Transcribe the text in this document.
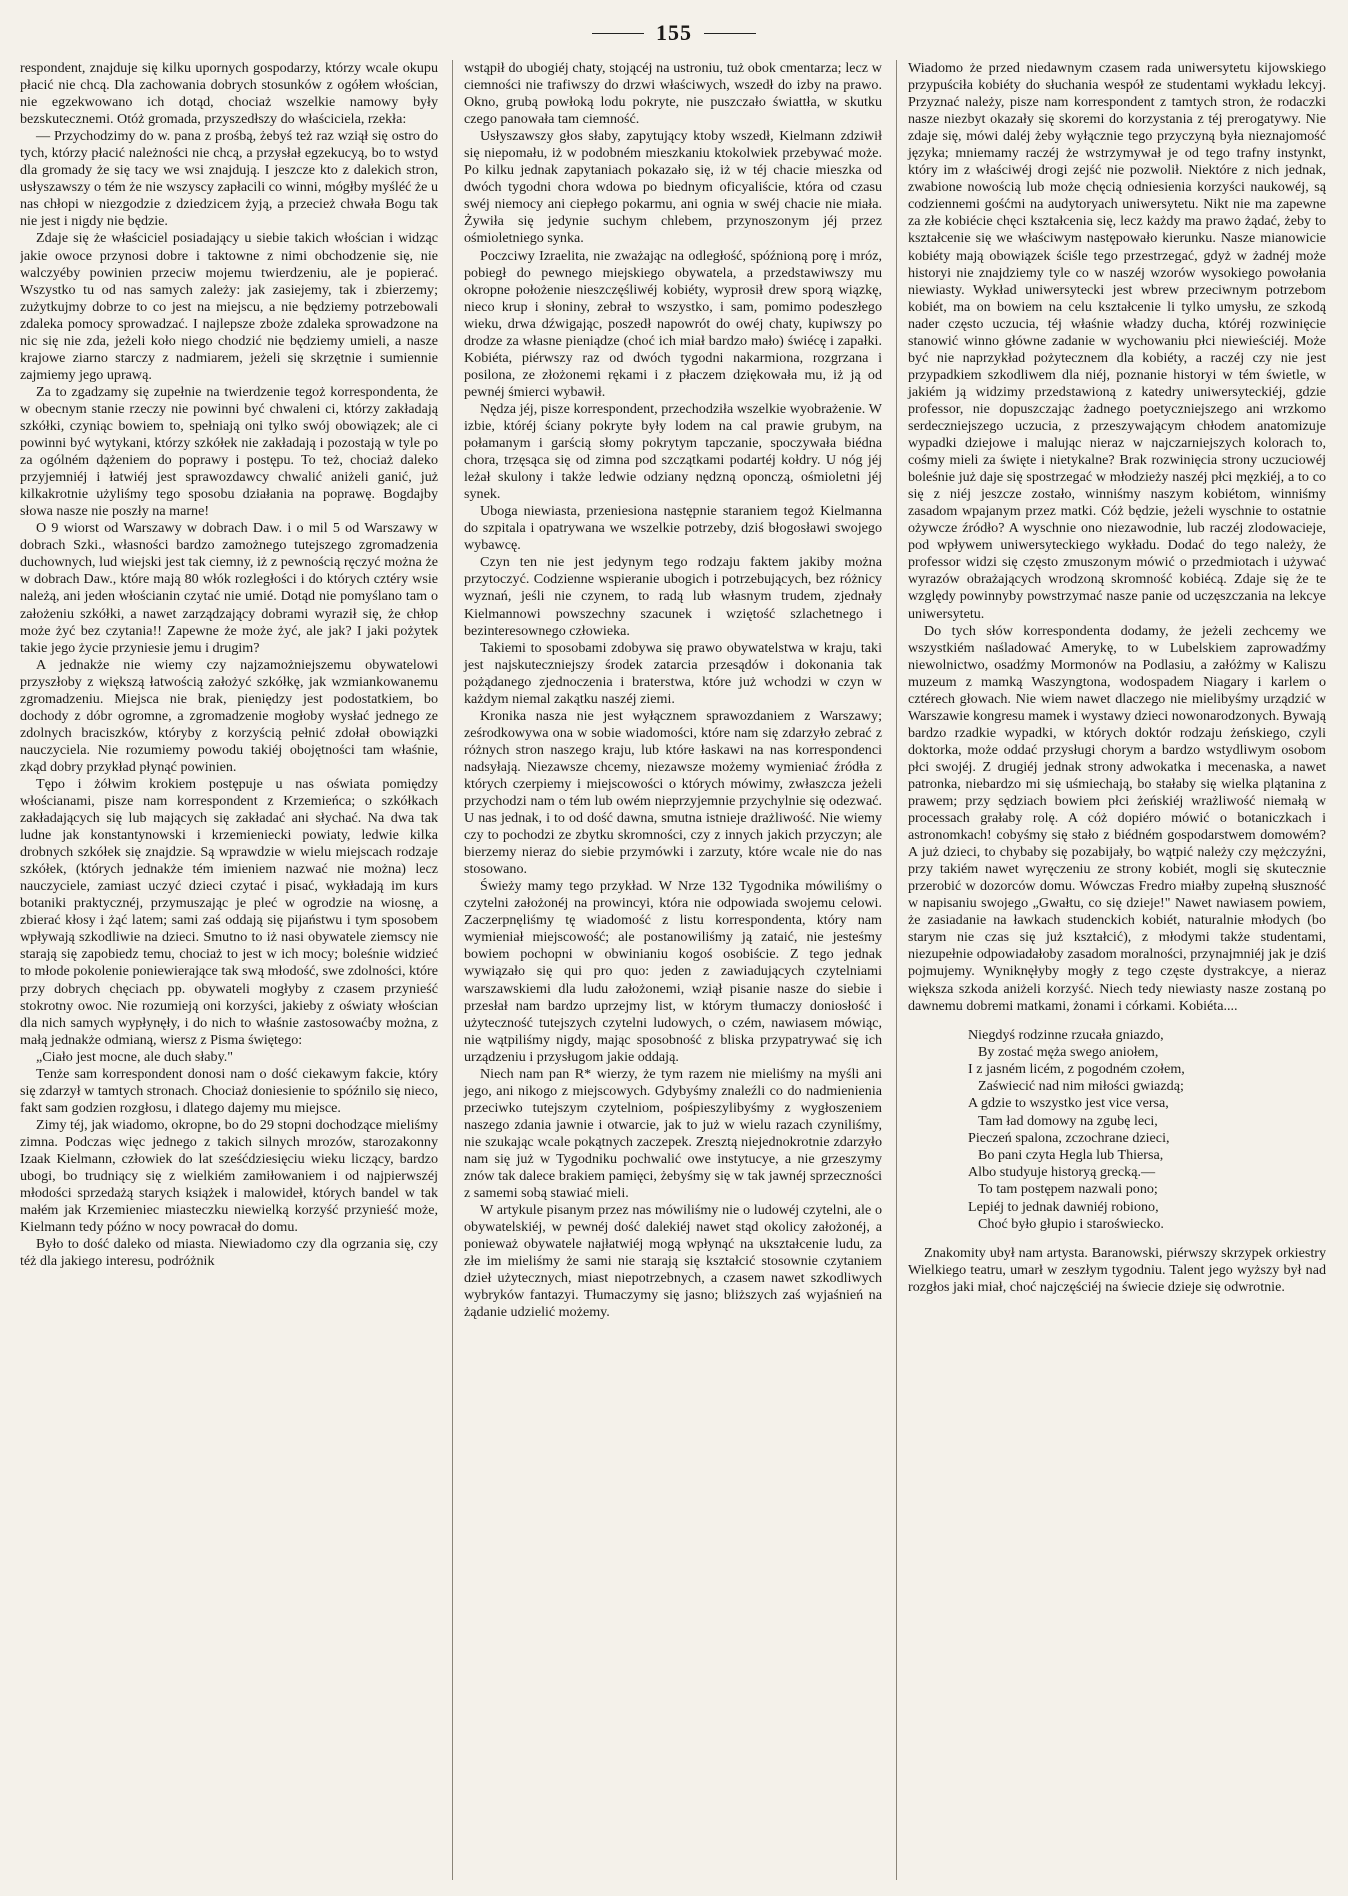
155

respondent, znajduje się kilku upornych gospodarzy, którzy wcale okupu płacić nie chcą. Dla zachowania dobrych stosunków z ogółem włościan, nie egzekwowano ich dotąd, chociaż wszelkie namowy były bezskutecznemi. Otóż gromada, przyszedłszy do właściciela, rzekła:

— Przychodzimy do w. pana z prośbą, żebyś też raz wziął się ostro do tych, którzy płacić należności nie chcą, a przysłał egzekucyą, bo to wstyd dla gromady że się tacy we wsi znajdują. I jeszcze kto z dalekich stron, usłyszawszy o tém że nie wszyscy zapłacili co winni, mógłby myśléć że u nas chłopi w niezgodzie z dziedzicem żyją, a przecież chwała Bogu tak nie jest i nigdy nie będzie.

Zdaje się że właściciel posiadający u siebie takich włościan i widząc jakie owoce przynosi dobre i taktowne z nimi obchodzenie się, nie walczyéby powinien przeciw mojemu twierdzeniu, ale je popierać. Wszystko tu od nas samych zależy: jak zasiejemy, tak i zbierzemy; zużytkujmy dobrze to co jest na miejscu, a nie będziemy potrzebowali zdaleka pomocy sprowadzać. I najlepsze zboże zdaleka sprowadzone na nic się nie zda, jeżeli koło niego chodzić nie będziemy umieli, a nasze krajowe ziarno starczy z nadmiarem, jeżeli się skrzętnie i sumiennie zajmiemy jego uprawą.

Za to zgadzamy się zupełnie na twierdzenie tegoż korrespondenta, że w obecnym stanie rzeczy nie powinni być chwaleni ci, którzy zakładają szkółki, czyniąc bowiem to, spełniają oni tylko swój obowiązek; ale ci powinni być wytykani, którzy szkółek nie zakładają i pozostają w tyle po za ogólném dążeniem do poprawy i postępu. To też, chociaż daleko przyjemniéj i łatwiéj jest sprawozdawcy chwalić aniżeli ganić, już kilkakrotnie użyliśmy tego sposobu działania na poprawę. Bogdajby słowa nasze nie poszły na marne!

O 9 wiorst od Warszawy w dobrach Daw. i o mil 5 od Warszawy w dobrach Szki., własności bardzo zamożnego tutejszego zgromadzenia duchownych, lud wiejski jest tak ciemny, iż z pewnością ręczyć można że w dobrach Daw., które mają 80 włók rozległości i do których cztéry wsie należą, ani jeden włościanin czytać nie umié. Dotąd nie pomyślano tam o założeniu szkółki, a nawet zarządzający dobrami wyraził się, że chłop może żyć bez czytania!! Zapewne że może żyć, ale jak? I jaki pożytek takie jego życie przyniesie jemu i drugim?

A jednakże nie wiemy czy najzamożniejszemu obywatelowi przyszłoby z większą łatwością założyć szkółkę, jak wzmiankowanemu zgromadzeniu. Miejsca nie brak, pieniędzy jest podostatkiem, bo dochody z dóbr ogromne, a zgromadzenie mogłoby wysłać jednego ze zdolnych braciszków, któryby z korzyścią pełnić zdołał obowiązki nauczyciela. Nie rozumiemy powodu takiéj obojętności tam właśnie, zkąd dobry przykład płynąć powinien.

Tępo i żółwim krokiem postępuje u nas oświata pomiędzy włościanami, pisze nam korrespondent z Krzemieńca; o szkółkach zakładających się lub mających się zakładać ani słychać. Na dwa tak ludne jak konstantynowski i krzemieniecki powiaty, ledwie kilka drobnych szkółek się znajdzie. Są wprawdzie w wielu miejscach rodzaje szkółek, (których jednakże tém imieniem nazwać nie można) lecz nauczyciele, zamiast uczyć dzieci czytać i pisać, wykładają im kurs botaniki praktycznéj, przymuszając je pleć w ogrodzie na wiosnę, a zbierać kłosy i żąć latem; sami zaś oddają się pijaństwu i tym sposobem wpływają szkodliwie na dzieci. Smutno to iż nasi obywatele ziemscy nie starają się zapobiedz temu, chociaż to jest w ich mocy; boleśnie widzieć to młode pokolenie poniewierające tak swą młodość, swe zdolności, które przy dobrych chęciach pp. obywateli mogłyby z czasem przynieść stokrotny owoc. Nie rozumieją oni korzyści, jakieby z oświaty włościan dla nich samych wypłynęły, i do nich to właśnie zastosowaćby można, z małą jednakże odmianą, wiersz z Pisma świętego:

„Ciało jest mocne, ale duch słaby."

Tenże sam korrespondent donosi nam o dość ciekawym fakcie, który się zdarzył w tamtych stronach. Chociaż doniesienie to spóźnilo się nieco, fakt sam godzien rozgłosu, i dlatego dajemy mu miejsce.

Zimy téj, jak wiadomo, okropne, bo do 29 stopni dochodzące mieliśmy zimna. Podczas więc jednego z takich silnych mrozów, starozakonny Izaak Kielmann, człowiek do lat sześćdziesięciu wieku liczący, bardzo ubogi, bo trudniący się z wielkiém zamiłowaniem i od najpierwszéj młodości sprzedażą starych książek i malowideł, których bandel w tak małém jak Krzemieniec miasteczku niewielką korzyść przynieść może, Kielmann tedy późno w nocy powracał do domu.

Było to dość daleko od miasta. Niewiadomo czy dla ogrzania się, czy téż dla jakiego interesu, podróżnik

wstąpił do ubogiéj chaty, stojącéj na ustroniu, tuż obok cmentarza; lecz w ciemności nie trafiwszy do drzwi właściwych, wszedł do izby na prawo. Okno, grubą powłoką lodu pokryte, nie puszczało świattła, w skutku czego panowała tam ciemność.

Usłyszawszy głos słaby, zapytujący ktoby wszedł, Kielmann zdziwił się niepomału, iż w podobném mieszkaniu ktokolwiek przebywać może. Po kilku jednak zapytaniach pokazało się, iż w téj chacie mieszka od dwóch tygodni chora wdowa po biednym oficyaliście, która od czasu swéj niemocy ani ciepłego pokarmu, ani ognia w swéj chacie nie miała. Żywiła się jedynie suchym chlebem, przynoszonym jéj przez ośmioletniego synka.

Poczciwy Izraelita, nie zważając na odległość, spóźnioną porę i mróz, pobiegł do pewnego miejskiego obywatela, a przedstawiwszy mu okropne położenie nieszczęśliwéj kobiéty, wyprosił drew sporą wiązkę, nieco krup i słoniny, zebrał to wszystko, i sam, pomimo podeszłego wieku, drwa dźwigając, poszedł napowrót do owéj chaty, kupiwszy po drodze za własne pieniądze (choć ich miał bardzo mało) świécę i zapałki. Kobiéta, piérwszy raz od dwóch tygodni nakarmiona, rozgrzana i posilona, ze złożonemi rękami i z płaczem dziękowała mu, iż ją od pewnéj śmierci wybawił.

Nędza jéj, pisze korrespondent, przechodziła wszelkie wyobrażenie. W izbie, któréj ściany pokryte były lodem na cal prawie grubym, na połamanym i garścią słomy pokrytym tapczanie, spoczywała biédna chora, trzęsąca się od zimna pod szczątkami podartéj kołdry. U nóg jéj leżał skulony i także ledwie odziany nędzną oponczą, ośmioletni jéj synek.

Uboga niewiasta, przeniesiona następnie staraniem tegoż Kielmanna do szpitala i opatrywana we wszelkie potrzeby, dziś błogosławi swojego wybawcę.

Czyn ten nie jest jedynym tego rodzaju faktem jakiby można przytoczyć. Codzienne wspieranie ubogich i potrzebujących, bez różnicy wyznań, jeśli nie czynem, to radą lub własnym trudem, zjednały Kielmannowi powszechny szacunek i wziętość szlachetnego i bezinteresownego człowieka.

Takiemi to sposobami zdobywa się prawo obywatelstwa w kraju, taki jest najskuteczniejszy środek zatarcia przesądów i dokonania tak pożądanego zjednoczenia i braterstwa, które już wchodzi w czyn w każdym niemal zakątku naszéj ziemi.

Kronika nasza nie jest wyłącznem sprawozdaniem z Warszawy; ześrodkowywa ona w sobie wiadomości, które nam się zdarzyło zebrać z różnych stron naszego kraju, lub które łaskawi na nas korrespondenci nadsyłają. Niezawsze chcemy, niezawsze możemy wymieniać źródła z których czerpiemy i miejscowości o których mówimy, zwłaszcza jeżeli przychodzi nam o tém lub owém nieprzyjemnie przychylnie się odezwać. U nas jednak, i to od dość dawna, smutna istnieje drażliwość. Nie wiemy czy to pochodzi ze zbytku skromności, czy z innych jakich przyczyn; ale bierzemy nieraz do siebie przymówki i zarzuty, które wcale nie do nas stosowano.

Świeży mamy tego przykład. W Nrze 132 Tygodnika mówiliśmy o czytelni założonéj na prowincyi, która nie odpowiada swojemu celowi. Zaczerpnęliśmy tę wiadomość z listu korrespondenta, który nam wymieniał miejscowość; ale postanowiliśmy ją zataić, nie jesteśmy bowiem pochopni w obwinianiu kogoś osobiście. Z tego jednak wywiązało się qui pro quo: jeden z zawiadujących czytelniami warszawskiemi dla ludu założonemi, wziął pisanie nasze do siebie i przesłał nam bardzo uprzejmy list, w którym tłumaczy doniosłość i użyteczność tutejszych czytelni ludowych, o czém, nawiasem mówiąc, nie wątpiliśmy nigdy, mając sposobność z bliska przypatrywać się ich urządzeniu i przysługom jakie oddają.

Niech nam pan R* wierzy, że tym razem nie mieliśmy na myśli ani jego, ani nikogo z miejscowych. Gdybyśmy znaleźli co do nadmienienia przeciwko tutejszym czytelniom, pośpieszylibyśmy z wygłoszeniem naszego zdania jawnie i otwarcie, jak to już w wielu razach czyniliśmy, nie szukając wcale pokątnych zaczepek. Zresztą niejednokrotnie zdarzyło nam się już w Tygodniku pochwalić owe instytucye, a nie grzeszymy znów tak dalece brakiem pamięci, żebyśmy się w tak jawnéj sprzeczności z samemi sobą stawiać mieli.

W artykule pisanym przez nas mówiliśmy nie o ludowéj czytelni, ale o obywatelskiéj, w pewnéj dość dalekiéj nawet stąd okolicy założonéj, a ponieważ obywatele najłatwiéj mogą wpłynąć na ukształcenie ludu, za złe im mieliśmy że sami nie starają się kształcić stosownie czytaniem dzieł użytecznych, miast niepotrzebnych, a czasem nawet szkodliwych wybryków fantazyi. Tłumaczymy się jasno; bliższych zaś wyjaśnień na żądanie udzielić możemy.

Wiadomo że przed niedawnym czasem rada uniwersytetu kijowskiego przypuściła kobiéty do słuchania wespół ze studentami wykładu lekcyj. Przyznać należy, pisze nam korrespondent z tamtych stron, że rodaczki nasze niezbyt okazały się skoremi do korzystania z téj prerogatywy. Nie zdaje się, mówi daléj żeby wyłącznie tego przyczyną była nieznajomość języka; mniemamy raczéj że wstrzymywał je od tego trafny instynkt, który im z właściwéj drogi zejść nie pozwolił. Niektóre z nich jednak, zwabione nowością lub może chęcią odniesienia korzyści naukowéj, są codziennemi gośćmi na audytoryach uniwersytetu. Nikt nie ma zapewne za złe kobiécie chęci kształcenia się, lecz każdy ma prawo żądać, żeby to kształcenie się we właściwym następowało kierunku. Nasze mianowicie kobiéty mają obowiązek ściśle tego przestrzegać, gdyż w żadnéj może historyi nie znajdziemy tyle co w naszéj wzorów wysokiego powołania niewiasty. Wykład uniwersytecki jest wbrew przeciwnym potrzebom kobiét, ma on bowiem na celu kształcenie li tylko umysłu, ze szkodą nader często uczucia, téj właśnie władzy ducha, któréj rozwinięcie stanowić winno główne zadanie w wychowaniu płci niewieściéj. Może być nie naprzykład pożytecznem dla kobiéty, a raczéj czy nie jest przypadkiem szkodliwem dla niéj, poznanie historyi w tém świetle, w jakiém ją widzimy przedstawioną z katedry uniwersyteckiéj, gdzie professor, nie dopuszczając żadnego poetyczniejszego ani wrzkomo serdeczniejszego uczucia, z przeszywającym chłodem anatomizuje wypadki dziejowe i malując nieraz w najczarniejszych kolorach to, cośmy mieli za święte i nietykalne? Brak rozwinięcia strony uczuciowéj boleśnie już daje się spostrzegać w młodzieży naszéj płci męzkiéj, a to co się z niéj jeszcze zostało, winniśmy naszym kobiétom, winniśmy zasadom wpajanym przez matki. Cóż będzie, jeżeli wyschnie to ostatnie ożywcze źródło? A wyschnie ono niezawodnie, lub raczéj zlodowacieje, pod wpływem uniwersyteckiego wykładu. Dodać do tego należy, że professor widzi się często zmuszonym mówić o przedmiotach i używać wyrazów obrażających wrodzoną skromność kobiécą. Zdaje się że te względy powinnyby powstrzymać nasze panie od uczęszczania na lekcye uniwersytetu.

Do tych słów korrespondenta dodamy, że jeżeli zechcemy we wszystkiém naśladować Amerykę, to w Lubelskiem zaprowadźmy niewolnictwo, osadźmy Mormonów na Podlasiu, a załóżmy w Kaliszu muzeum z mamką Waszyngtona, wodospadem Niagary i karlem o cztérech głowach. Nie wiem nawet dlaczego nie mielibyśmy urządzić w Warszawie kongresu mamek i wystawy dzieci nowonarodzonych. Bywają bardzo rzadkie wypadki, w których doktór rodzaju żeńskiego, czyli doktorka, może oddać przysługi chorym a bardzo wstydliwym osobom płci swojéj. Z drugiéj jednak strony adwokatka i mecenaska, a nawet patronka, niebardzo mi się uśmiechają, bo stałaby się wielka plątanina z prawem; przy sędziach bowiem płci żeńskiéj wrażliwość niemałą w processach grałaby rolę. A cóż dopiéro mówić o botaniczkach i astronomkach! cobyśmy się stało z biédném gospodarstwem domowém? A już dzieci, to chybaby się pozabijały, bo wątpić należy czy mężczyźni, przy takiém nawet wyręczeniu ze strony kobiét, mogli się skutecznie przerobić w dozorców domu. Wówczas Fredro miałby zupełną słuszność w napisaniu swojego „Gwałtu, co się dzieje!" Nawet nawiasem powiem, że zasiadanie na ławkach studenckich kobiét, naturalnie młodych (bo starym nie czas się już kształcić), z młodymi także studentami, niezupełnie odpowiadałoby zasadom moralności, przynajmniéj jak je dziś pojmujemy. Wyniknęłyby mogły z tego częste dystrakcye, a nieraz większa szkoda aniżeli korzyść. Niech tedy niewiasty nasze zostaną po dawnemu dobremi matkami, żonami i córkami. Kobiéta....

Niegdyś rodzinne rzucała gniazdo,
By zostać męża swego aniołem,
I z jasném licém, z pogodném czołem,
Zaświecić nad nim miłości gwiazdą;
A gdzie to wszystko jest vice versa,
Tam ład domowy na zgubę leci,
Pieczeń spalona, zczochrane dzieci,
Bo pani czyta Hegla lub Thiersa,
Albo studyuje historyą grecką.—
To tam postępem nazwali pono;
Lepiéj to jednak dawniéj robiono,
Choć było głupio i staroświecko.

Znakomity ubył nam artysta. Baranowski, piérwszy skrzypek orkiestry Wielkiego teatru, umarł w zeszłym tygodniu. Talent jego wyższy był nad rozgłos jaki miał, choć najczęściéj na świecie dzieje się odwrotnie.
